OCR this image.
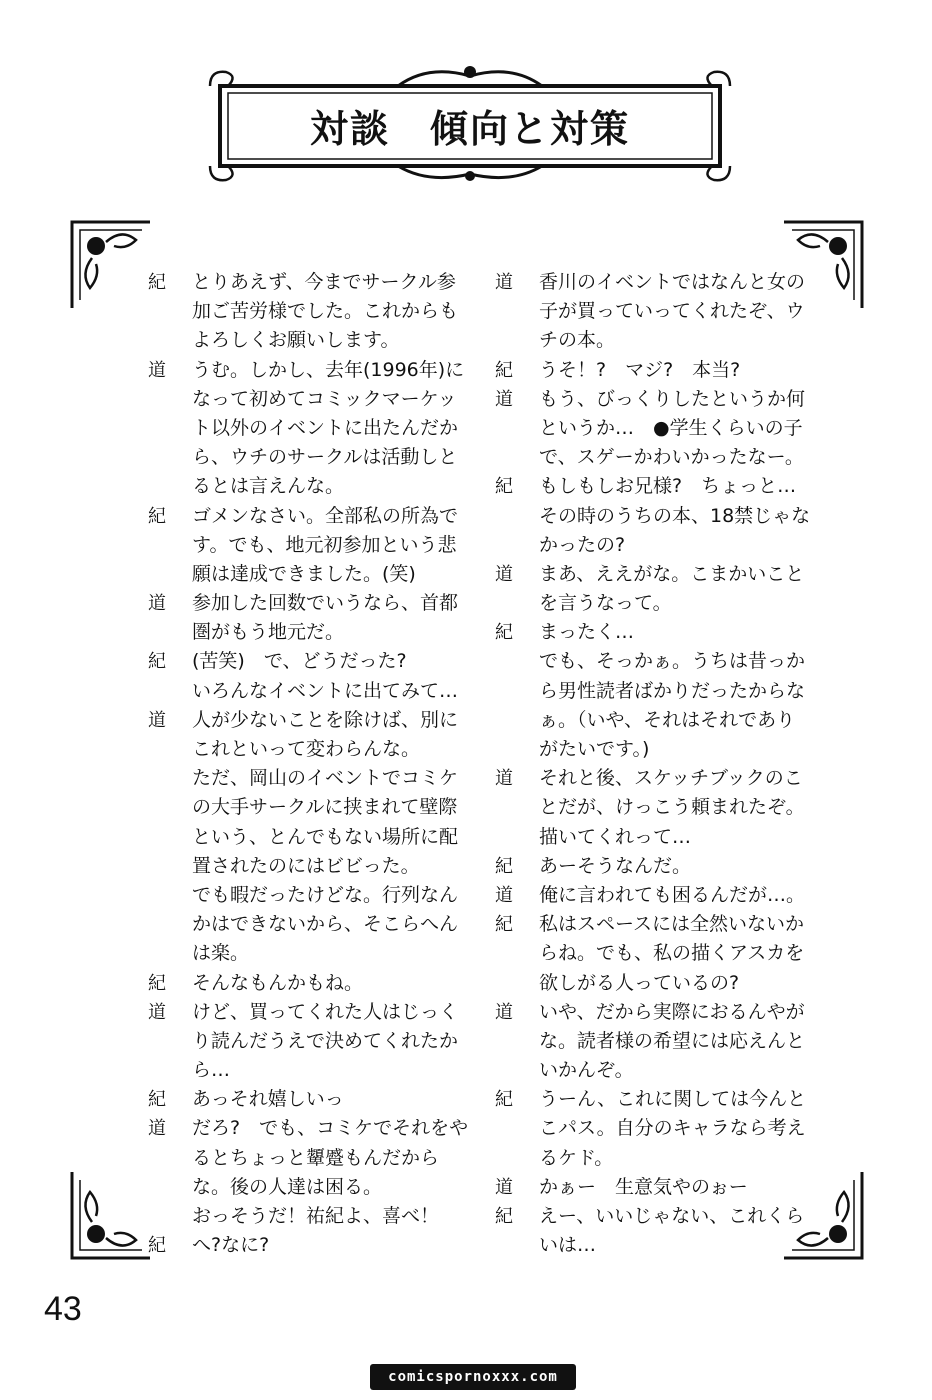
対談　傾向と対策
紀	とりあえず、今までサークル参
加ご苦労様でした。これからも
よろしくお願いします。
道	うむ。しかし、去年(1996年)に
なって初めてコミックマーケッ
ト以外のイベントに出たんだか
ら、ウチのサークルは活動しと
るとは言えんな。
紀	ゴメンなさい。全部私の所為で
す。でも、地元初参加という悲
願は達成できました。(笑)
道	参加した回数でいうなら、首都
圏がもう地元だ。
紀	(苦笑)　で、どうだった?
いろんなイベントに出てみて…
道	人が少ないことを除けば、別に
これといって変わらんな。
ただ、岡山のイベントでコミケ
の大手サークルに挟まれて壁際
という、とんでもない場所に配
置されたのにはビビった。
でも暇だったけどな。行列なん
かはできないから、そこらへん
は楽。
紀	そんなもんかもね。
道	けど、買ってくれた人はじっく
り読んだうえで決めてくれたか
ら…
紀	あっそれ嬉しいっ
道	だろ?　でも、コミケでそれをや
るとちょっと顰蹙もんだから
な。後の人達は困る。
おっそうだ！祐紀よ、喜べ！
紀	へ?なに?
道	香川のイベントではなんと女の
子が買っていってくれたぞ、ウ
チの本。
紀	うそ！?　マジ?　本当?
道	もう、びっくりしたというか何
というか…　●学生くらいの子
で、スゲーかわいかったなー。
紀	もしもしお兄様?　ちょっと…
その時のうちの本、18禁じゃな
かったの?
道	まあ、ええがな。こまかいこと
を言うなって。
紀	まったく…
でも、そっかぁ。うちは昔っか
ら男性読者ばかりだったからな
ぁ。（いや、それはそれであり
がたいです。)
道	それと後、スケッチブックのこ
とだが、けっこう頼まれたぞ。
描いてくれって…
紀	あーそうなんだ。
道	俺に言われても困るんだが…。
紀	私はスペースには全然いないか
らね。でも、私の描くアスカを
欲しがる人っているの?
道	いや、だから実際におるんやが
な。読者様の希望には応えんと
いかんぞ。
紀	うーん、これに関しては今んと
こパス。自分のキャラなら考え
るケド。
道	かぁー　生意気やのぉー
紀	えー、いいじゃない、これくら
いは…
43
comicspornoxxx.com
